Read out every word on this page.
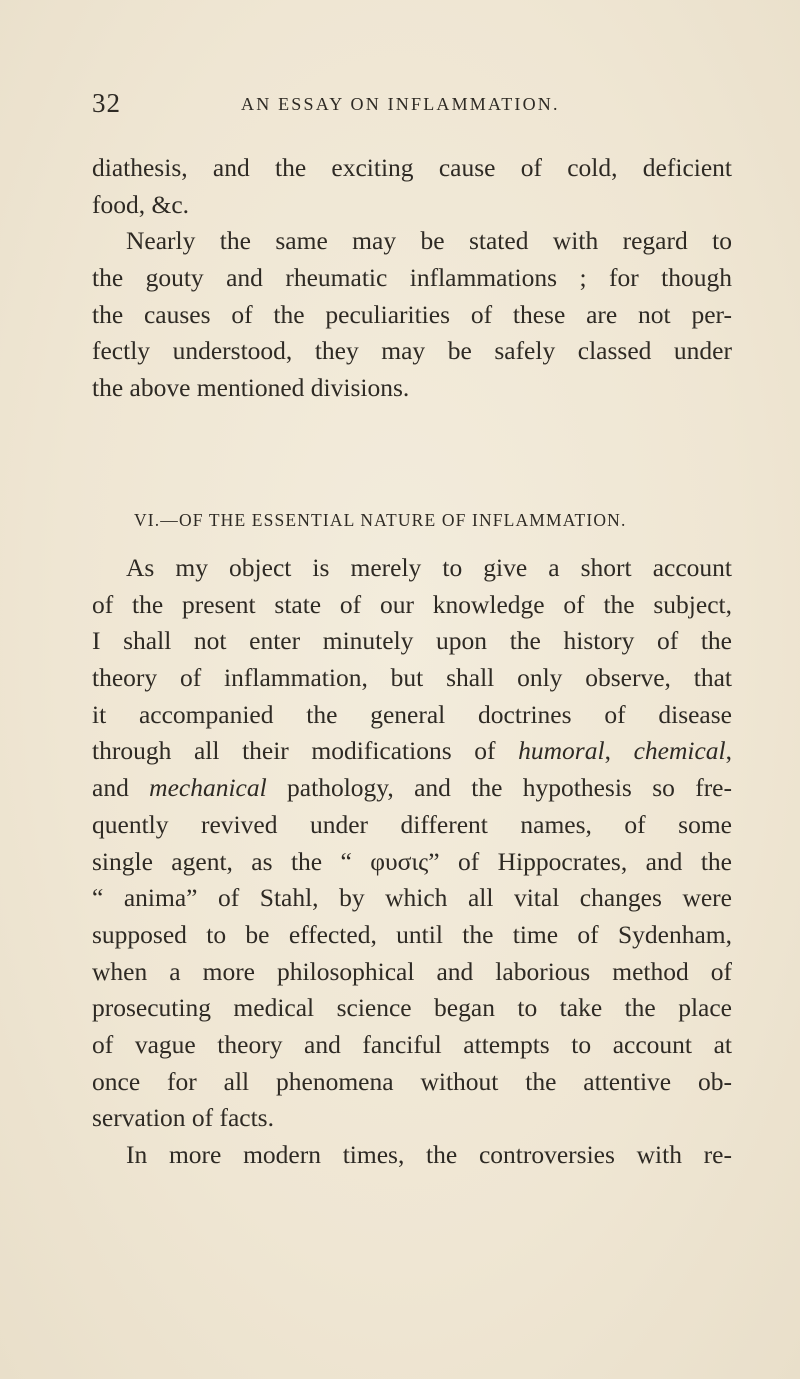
32	AN ESSAY ON INFLAMMATION.
diathesis, and the exciting cause of cold, deficient
food, &c.
Nearly the same may be stated with regard to
the gouty and rheumatic inflammations ; for though
the causes of the peculiarities of these are not per-
fectly understood, they may be safely classed under
the above mentioned divisions.
VI.—OF THE ESSENTIAL NATURE OF INFLAMMATION.
As my object is merely to give a short account
of the present state of our knowledge of the subject,
I shall not enter minutely upon the history of the
theory of inflammation, but shall only observe, that
it accompanied the general doctrines of disease
through all their modifications of humoral, chemical,
and mechanical pathology, and the hypothesis so fre-
quently revived under different names, of some
single agent, as the “ φυσις” of Hippocrates, and the
“ anima” of Stahl, by which all vital changes were
supposed to be effected, until the time of Sydenham,
when a more philosophical and laborious method of
prosecuting medical science began to take the place
of vague theory and fanciful attempts to account at
once for all phenomena without the attentive ob-
servation of facts.
In more modern times, the controversies with re-
